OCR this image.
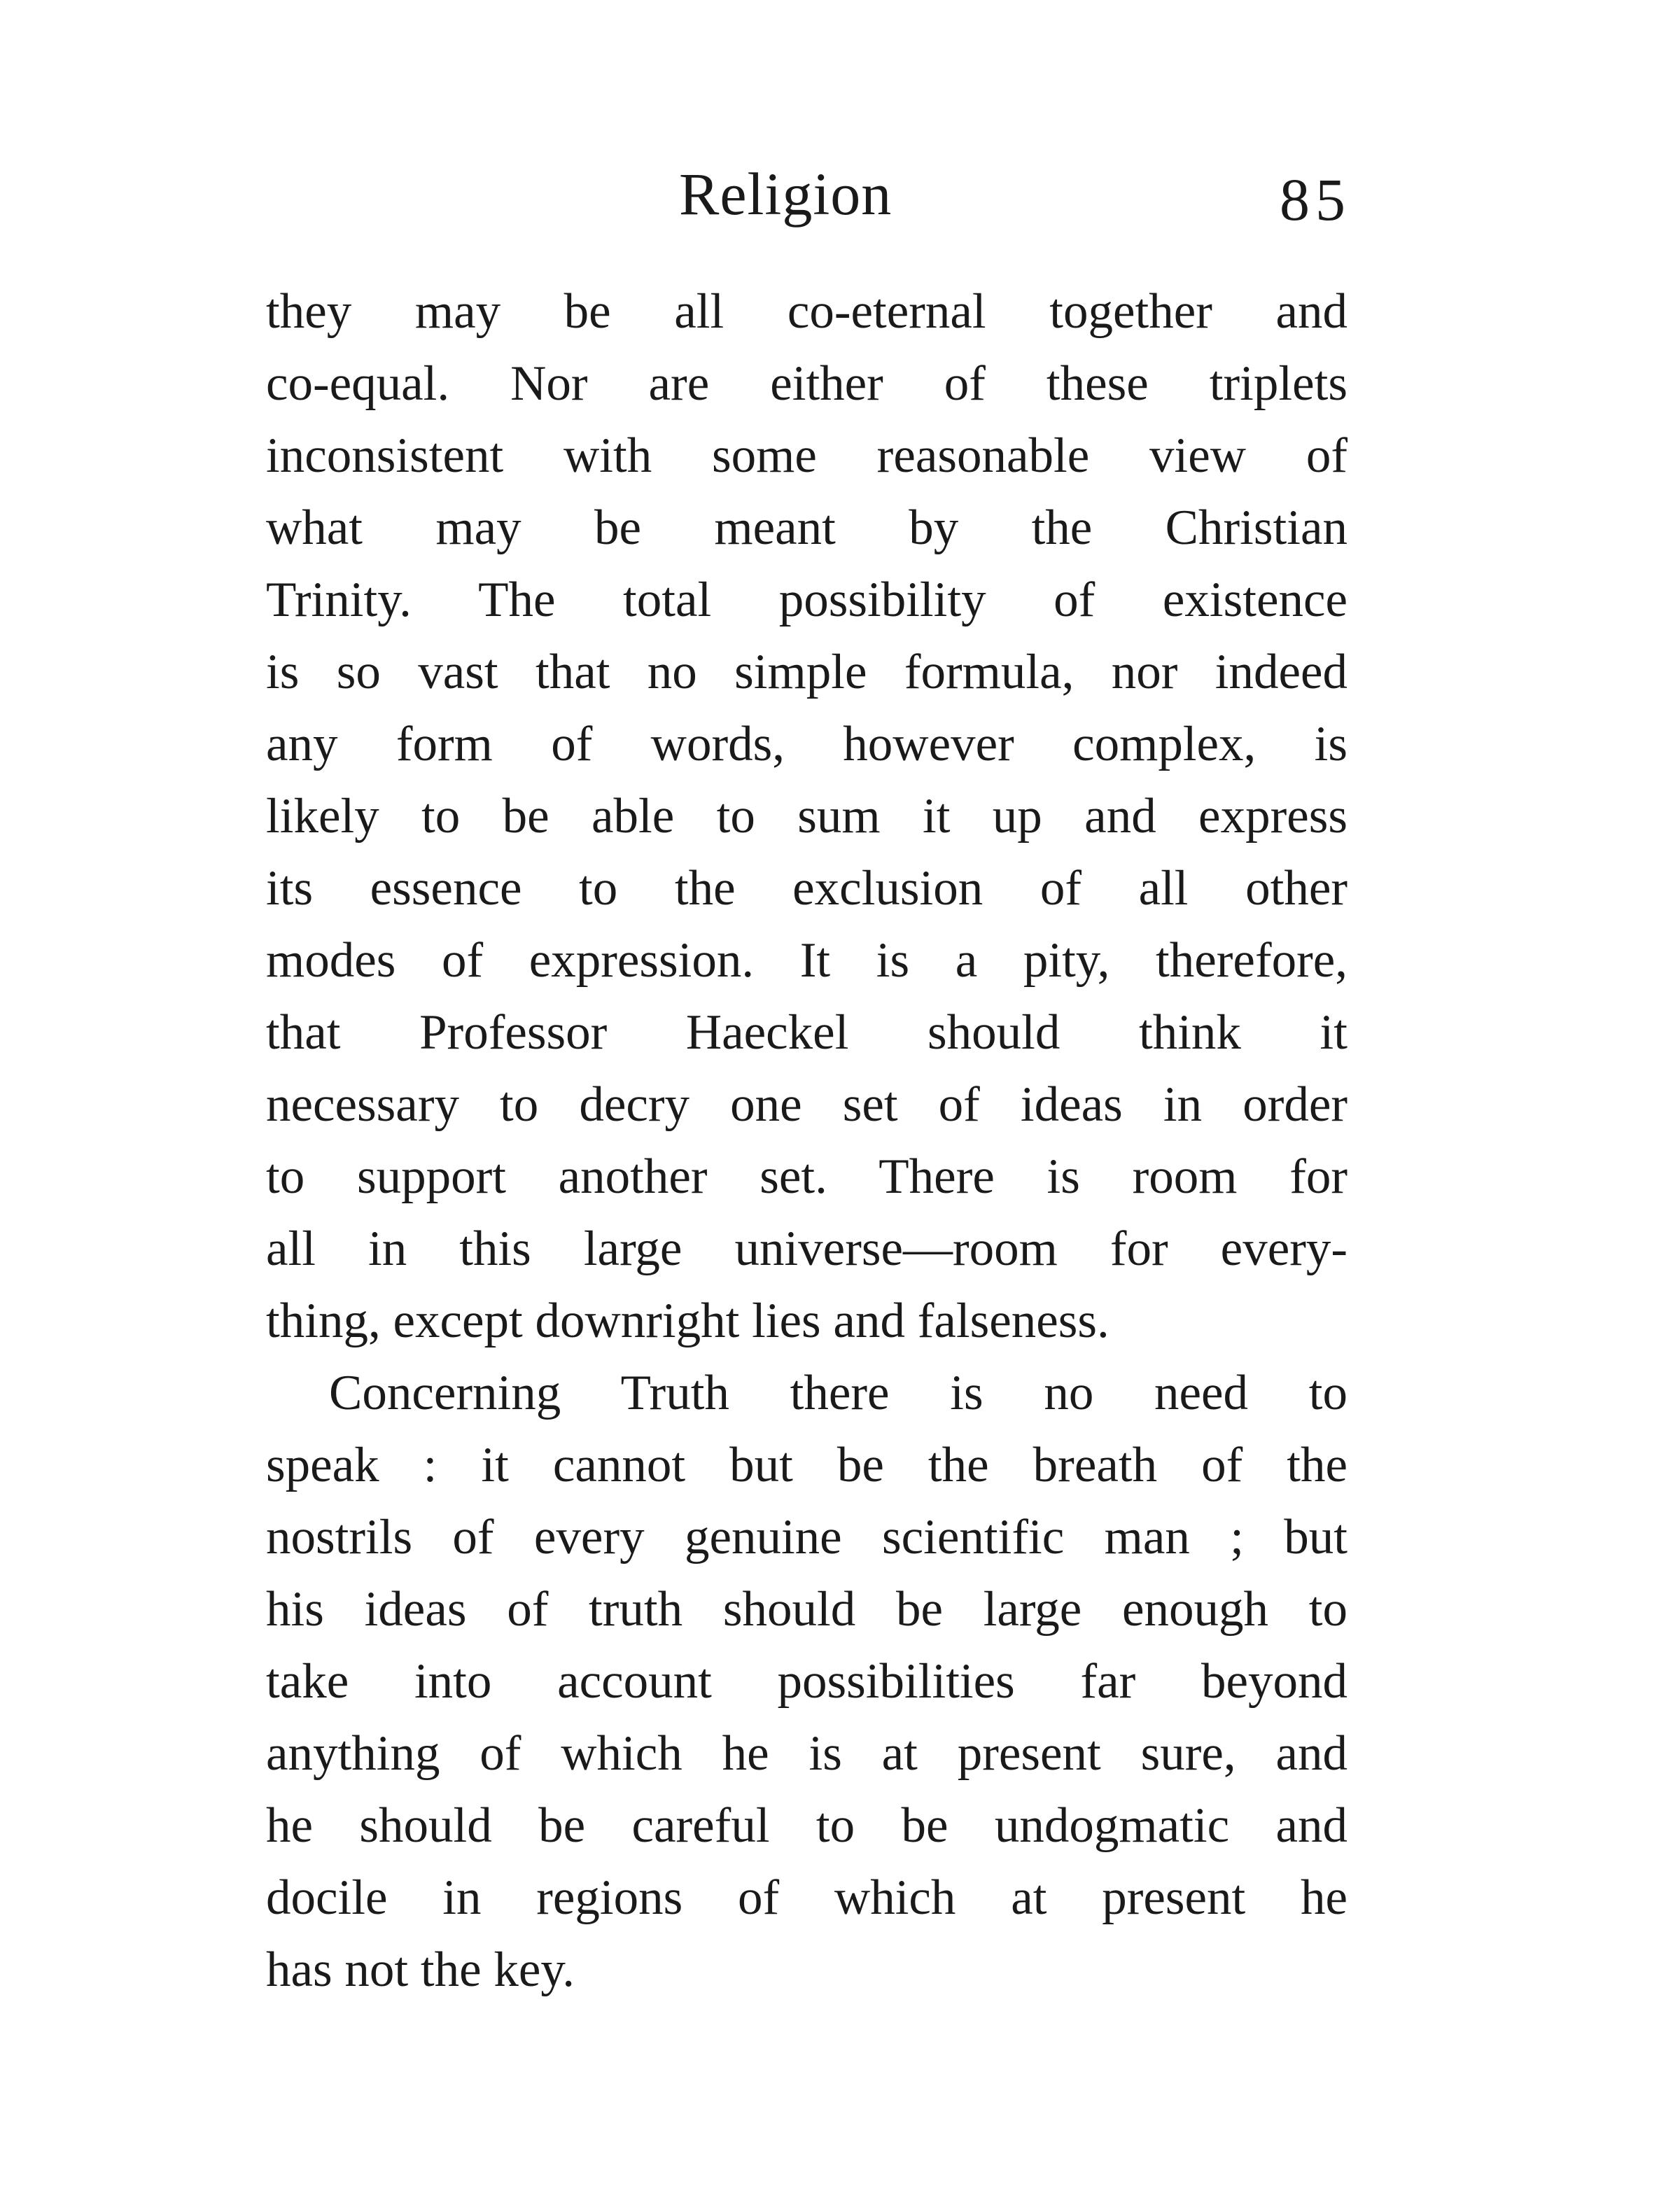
Religion	85
they may be all co-eternal together and
co-equal. Nor are either of these triplets
inconsistent with some reasonable view of
what may be meant by the Christian
Trinity. The total possibility of existence
is so vast that no simple formula, nor indeed
any form of words, however complex, is
likely to be able to sum it up and express
its essence to the exclusion of all other
modes of expression. It is a pity, therefore,
that Professor Haeckel should think it
necessary to decry one set of ideas in order
to support another set. There is room for
all in this large universe—room for every-
thing, except downright lies and falseness.
Concerning Truth there is no need to
speak : it cannot but be the breath of the
nostrils of every genuine scientific man ; but
his ideas of truth should be large enough to
take into account possibilities far beyond
anything of which he is at present sure, and
he should be careful to be undogmatic and
docile in regions of which at present he
has not the key.
